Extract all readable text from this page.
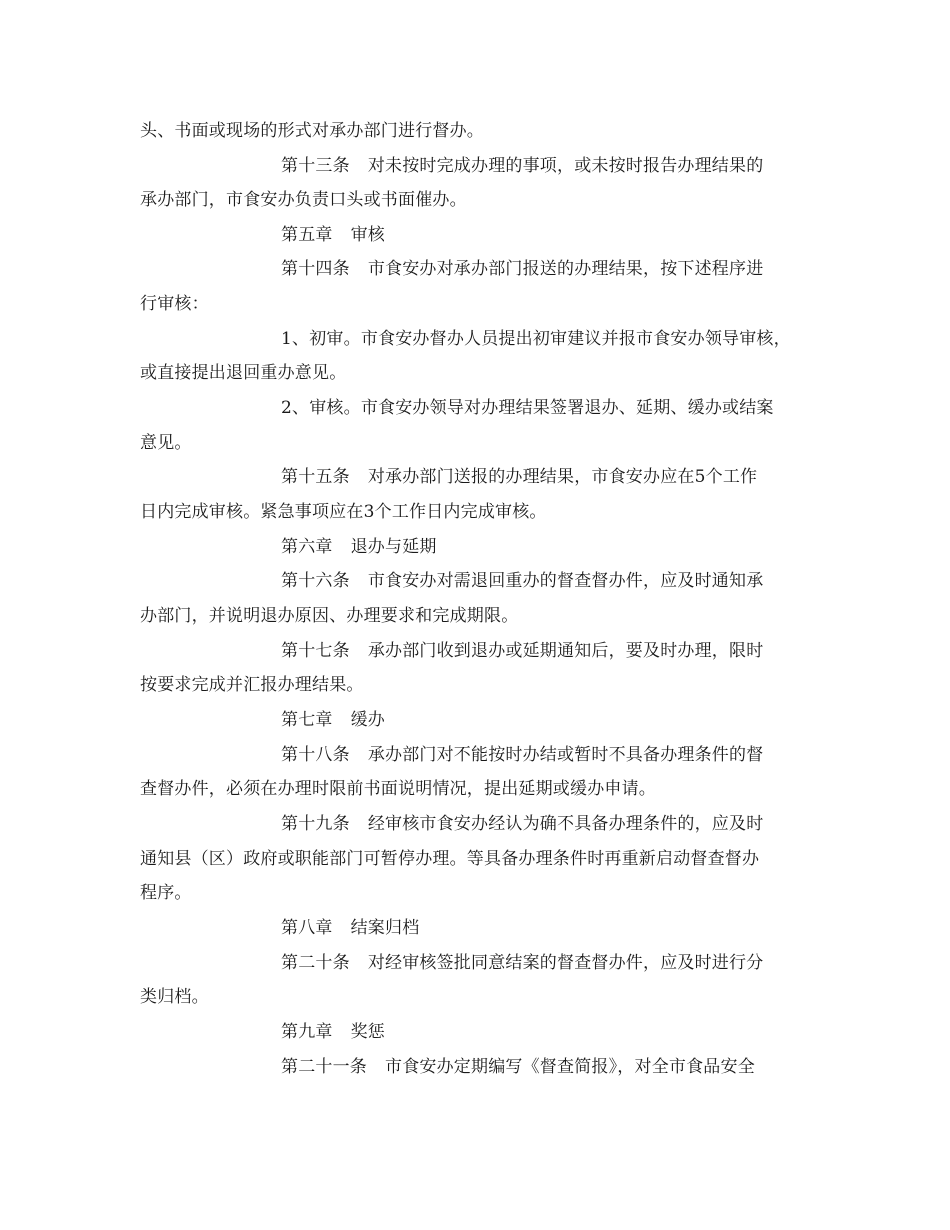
头、书面或现场的形式对承办部门进行督办。
第十三条 对未按时完成办理的事项，或未按时报告办理结果的
承办部门，市食安办负责口头或书面催办。
第五章 审核
第十四条 市食安办对承办部门报送的办理结果，按下述程序进
行审核：
1、初审。市食安办督办人员提出初审建议并报市食安办领导审核，
或直接提出退回重办意见。
2、审核。市食安办领导对办理结果签署退办、延期、缓办或结案
意见。
第十五条 对承办部门送报的办理结果，市食安办应在5个工作
日内完成审核。紧急事项应在3个工作日内完成审核。
第六章 退办与延期
第十六条 市食安办对需退回重办的督查督办件，应及时通知承
办部门，并说明退办原因、办理要求和完成期限。
第十七条 承办部门收到退办或延期通知后，要及时办理，限时
按要求完成并汇报办理结果。
第七章 缓办
第十八条 承办部门对不能按时办结或暂时不具备办理条件的督
查督办件，必须在办理时限前书面说明情况，提出延期或缓办申请。
第十九条 经审核市食安办经认为确不具备办理条件的，应及时
通知县（区）政府或职能部门可暂停办理。等具备办理条件时再重新启动督查督办
程序。
第八章 结案归档
第二十条 对经审核签批同意结案的督查督办件，应及时进行分
类归档。
第九章 奖惩
第二十一条 市食安办定期编写《督查简报》，对全市食品安全
